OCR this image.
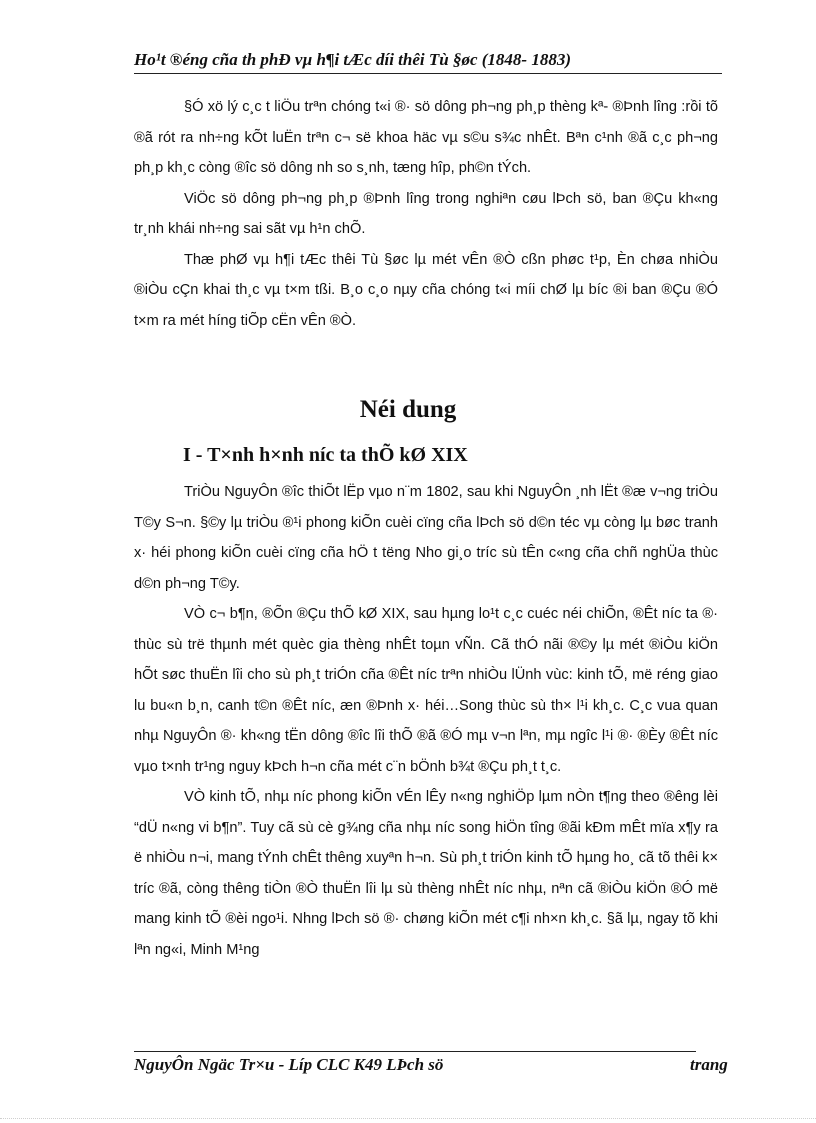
Ho¹t ®éng cña th phÐ vµ h¶i tÆc díi thêi Tù §øc (1848- 1883)

§Ó xö lý c¸c t liÖu trªn chóng t«i ®· sö dông ph¬ng ph¸p thèng kª- ®Þnh lîng :rồi tõ ®ã rót ra nh÷ng kÕt luËn trªn c¬ së khoa häc vµ s©u s¾c nhÊt. Bªn c¹nh ®ã c¸c ph¬ng ph¸p kh¸c còng ®îc sö dông nh so s¸nh, tæng hîp, ph©n tÝch.

ViÖc sö dông ph¬ng ph¸p ®Þnh lîng trong nghiªn cøu lÞch sö, ban ®Çu kh«ng tr¸nh khái nh÷ng sai sãt vµ h¹n chÕ.

Thæ phØ vµ h¶i tÆc thêi Tù §øc lµ mét vÊn ®Ò cßn phøc t¹p, Èn chøa nhiÒu ®iÒu cÇn khai th¸c vµ t×m tßi. B¸o c¸o nµy cña chóng t«i míi chØ lµ bíc ®i ban ®Çu ®Ó t×m ra mét híng tiÕp cËn vÊn ®Ò.

Néi dung
I - T×nh h×nh níc ta thÕ kØ XIX

TriÒu NguyÔn ®îc thiÕt lËp vµo n¨m 1802, sau khi NguyÔn ¸nh lËt ®æ v¬ng triÒu T©y S¬n. §©y lµ triÒu ®¹i phong kiÕn cuèi cïng cña lÞch sö d©n téc vµ còng lµ bøc tranh x· héi phong kiÕn cuèi cïng cña hÖ t tëng Nho gi¸o tríc sù tÊn c«ng cña chñ nghÜa thùc d©n ph¬ng T©y.

VÒ c¬ b¶n, ®Õn ®Çu thÕ kØ XIX, sau hµng lo¹t c¸c cuéc néi chiÕn, ®Êt níc ta ®· thùc sù trë thµnh mét quèc gia thèng nhÊt toµn vÑn. Cã thÓ nãi ®©y lµ mét ®iÒu kiÖn hÕt søc thuËn lîi cho sù ph¸t triÓn cña ®Êt níc trªn nhiÒu lÜnh vùc: kinh tÕ, më réng giao lu bu«n b¸n, canh t©n ®Êt níc, æn ®Þnh x· héi…Song thùc sù th× l¹i kh¸c. C¸c vua quan nhµ NguyÔn ®· kh«ng tËn dông ®îc lîi thÕ ®ã ®Ó mµ v¬n lªn, mµ ngîc l¹i ®· ®Èy ®Êt níc vµo t×nh tr¹ng nguy kÞch h¬n cña mét c¨n bÖnh b¾t ®Çu ph¸t t¸c.

VÒ kinh tÕ, nhµ níc phong kiÕn vÉn lÊy n«ng nghiÖp lµm nÒn t¶ng theo ®êng lèi “dÜ n«ng vi b¶n”. Tuy cã sù cè g¾ng cña nhµ níc song hiÖn tîng ®ãi kÐm mÊt mïa x¶y ra ë nhiÒu n¬i, mang tÝnh chÊt thêng xuyªn h¬n. Sù ph¸t triÓn kinh tÕ hµng ho¸ cã tõ thêi k× tríc ®ã, còng thêng tiÒn ®Ò thuËn lîi lµ sù thèng nhÊt níc nhµ, nªn cã ®iÒu kiÖn ®Ó më mang kinh tÕ ®èi ngo¹i. Nhng lÞch sö ®· chøng kiÕn mét c¶i nh×n kh¸c. §ã lµ, ngay tõ khi lªn ng«i, Minh M¹ng

NguyÔn Ngäc Tr×u - Líp CLC K49 LÞch sö	trang
